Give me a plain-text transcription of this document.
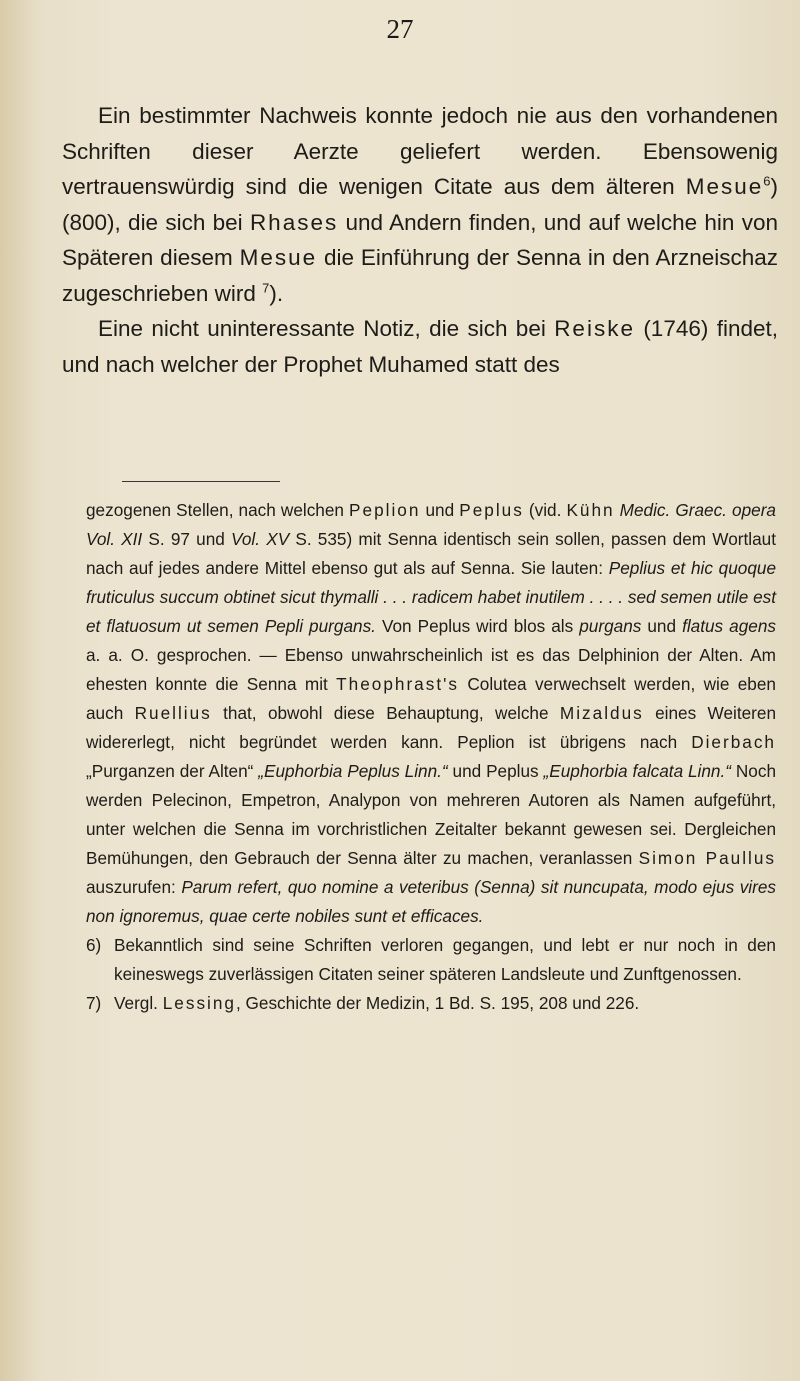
27

Ein bestimmter Nachweis konnte jedoch nie aus den vorhandenen Schriften dieser Aerzte geliefert werden. Ebensowenig vertrauenswürdig sind die wenigen Citate aus dem älteren Mesue$^6$) (800), die sich bei Rhases und Andern finden, und auf welche hin von Späteren diesem Mesue die Einführung der Senna in den Arzneischaz zugeschrieben wird $^7$).

Eine nicht uninteressante Notiz, die sich bei Reiske (1746) findet, und nach welcher der Prophet Muhamed statt des

gezogenen Stellen, nach welchen Peplion und Peplus (vid. Kühn Medic. Graec. opera Vol. XII S. 97 und Vol. XV S. 535) mit Senna identisch sein sollen, passen dem Wortlaut nach auf jedes andere Mittel ebenso gut als auf Senna. Sie lauten: Peplius et hic quoque fruticulus succum obtinet sicut thymalli . . . radicem habet inutilem . . . . sed semen utile est et flatuosum ut semen Pepli purgans. Von Peplus wird blos als purgans und flatus agens a. a. O. gesprochen. — Ebenso unwahrscheinlich ist es das Delphinion der Alten. Am ehesten konnte die Senna mit Theophrast's Colutea verwechselt werden, wie eben auch Ruellius that, obwohl diese Behauptung, welche Mizaldus eines Weiteren widererlegt, nicht begründet werden kann. Peplion ist übrigens nach Dierbach „Purganzen der Alten“ „Euphorbia Peplus Linn.“ und Peplus „Euphorbia falcata Linn.“ Noch werden Pelecinon, Empetron, Analypon von mehreren Autoren als Namen aufgeführt, unter welchen die Senna im vorchristlichen Zeitalter bekannt gewesen sei. Dergleichen Bemühungen, den Gebrauch der Senna älter zu machen, veranlassen Simon Paullus auszurufen: Parum refert, quo nomine a veteribus (Senna) sit nuncupata, modo ejus vires non ignoremus, quae certe nobiles sunt et efficaces.

6) Bekanntlich sind seine Schriften verloren gegangen, und lebt er nur noch in den keineswegs zuverlässigen Citaten seiner späteren Landsleute und Zunftgenossen.
7) Vergl. Lessing, Geschichte der Medizin, 1 Bd. S. 195, 208 und 226.
